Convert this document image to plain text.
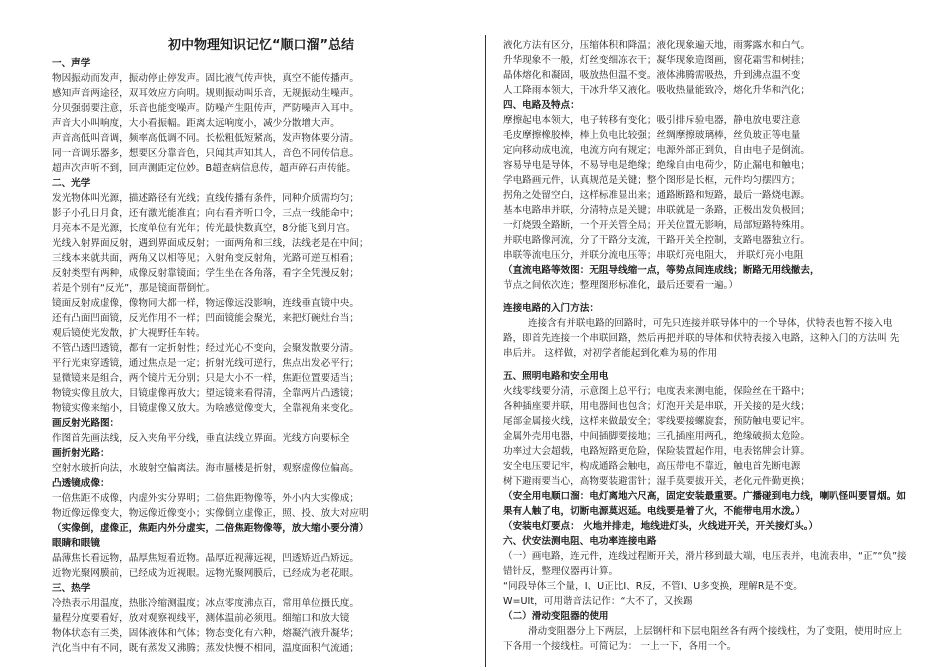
初中物理知识记忆“顺口溜”总结
一、声学
物因振动而发声，振动停止停发声。固比液气传声快，真空不能传播声。
感知声音两途径，双耳效应方向明。规则振动叫乐音，无规振动生噪声。
分贝强弱要注意，乐音也能变噪声。防噪产生阻传声，严防噪声入耳中。
声音大小叫响度，大小看振幅。距离太远响度小，减少分散增大声。
声音高低叫音调，频率高低调不同。长松粗低短紧高，发声物体要分清。
同一音调乐器多，想要区分靠音色，只闻其声知其人，音色不同传信息。
超声次声听不到，回声测距定位妙。B超查病信息传，超声碎石声传能。
二、光学
发光物体叫光源，描述路径有光线；直线传播有条件，同种介质需均匀；
影子小孔日月食，还有激光能准直；向右看齐听口令，三点一线能命中；
月亮本不是光源，长度单位有光年；传光最快数真空，8分能飞到月宫。
光线入射界面反射，遇到界面成反射；一面两角和三线，法线老是在中间；
三线本来就共面，两角又以相等见；入射角变反射角，光路可逆互相看；
反射类型有两种，成像反射靠镜面；学生坐在各角落，看字全凭漫反射；
若是个别有“反光”，那是镜面帮倒忙。
镜面反射成虚像，像物同大都一样，物远像远没影响，连线垂直镜中央。
还有凸面凹面镜，反光作用不一样；凹面镜能会聚光，来把灯碗灶台当；
观后镜使光发散，扩大视野任车转。
不管凸透凹透镜，都有一定折射性；经过光心不变向，会聚发散要分清。
平行光束穿透镜，通过焦点是一定；折射光线可逆行，焦点出发必平行；
显微镜来是组合，两个镜片无分别；只是大小不一样，焦距位置要适当；
物镜实像且放大，目镜虚像再放大；望远镜来看得清，全靠两片凸透镜；
物镜实像来缩小，目镜虚像又放大。为啥感觉像变大，全靠视角来变化。
画反射光路图：
作图首先画法线，反入夹角平分线，垂直法线立界面。光线方向要标全
画折射光路：
空射水玻折向法，水玻射空偏离法。海市蜃楼是折射，观察虚像位偏高。
凸透镜成像：
一倍焦距不成像，内虚外实分界明；二倍焦距物像等，外小内大实像成；
物近像远像变大，物远像近像变小；实像倒立虚像正，照、投、放大对应明
（实像倒，虚像正，焦距内外分虚实，二倍焦距物像等，放大缩小要分清）
眼睛和眼镜
晶薄焦长看远物，晶厚焦短看近物。晶厚近视薄远视，凹透矫近凸矫远。
近物光聚网膜前，已经成为近视眼。远物光聚网膜后，已经成为老花眼。
三、热学
冷热表示用温度，热胀冷缩测温度；冰点零度沸点百，常用单位摄氏度。
量程分度要看好，放对观察视线平，测体温前必须甩。细缩口和放大镜
物体状态有三类，固体液体和气体；物态变化有六种，熔凝汽液升凝华；
汽化当中有不同，既有蒸发又沸腾；蒸发快慢不相同，温度面积气流通；
液化方法有区分，压缩体积和降温；液化现象遍天地，雨雾露水和白气。
升华现象不一般，灯丝变细冻衣干；凝华现象造图画，窗花霜雪和树挂；
晶体熔化和凝固，吸放热但温不变。液体沸腾需吸热，升到沸点温不变
人工降雨本领大，干冰升华又液化。吸收热量能致冷，熔化升华和汽化；
四、电路及特点：
摩擦起电本领大，电子转移有变化；吸引排斥验电器，静电放电要注意
毛皮摩擦橡胶棒，棒上负电比较强；丝绸摩擦玻璃棒，丝负玻正等电量
定向移动成电流，电流方向有规定；电源外部正到负，自由电子是倒流。
容易导电是导体，不易导电是绝缘；绝缘自由电荷少，防止漏电和触电；
学电路画元件，认真规范是关键；整个图形是长框，元件均匀摆四方；
拐角之处留空白，这样标准显出来；通路断路和短路，最后一路烧电源。
基本电路串并联，分清特点是关键；串联就是一条路，正极出发负极回；
一灯烧毁全路断，一个开关管全局；开关位置无影响，局部短路特殊用。
并联电路像河流，分了干路分支流，干路开关全控制，支路电器独立行。
串联等流电压分，并联分流电压等；串联灯亮电阻大， 并联灯亮小电阻
（直流电路等效图：无阻导线缩一点，等势点间连成线；断路无用线撤去，
节点之间依次连；整理图形标准化，最后还要看一遍。）
连接电路的入门方法：
连接含有并联电路的回路时，可先只连接并联导体中的一个导体，伏特表也暂不接入电路，即首先连接一个串联回路，然后再把并联的导体和伏特表接入电路，这种入门的方法叫 先串后并。 这样做，对初学者能起到化难为易的作用
五、照明电路和安全用电
火线零线要分清，示意图上总平行；电度表来测电能，保险丝在干路中；
各种插座要并联，用电器间也包含；灯泡开关是串联，开关接的是火线；
尾部金属接火线，这样来做最安全；零线要接螺旋套，预防触电要记牢。
金属外壳用电器，中间插脚要接地；三孔插座用两孔，绝缘破损太危险。
功率过大会超载，电路短路更危险，保险装置起作用，电表铭牌会计算。
安全电压要记牢，构成通路会触电，高压带电不靠近，触电首先断电源
树下避雨要当心，高物要装避雷针；湿手莫要拔开关，老化元件勤更换；
（安全用电顺口溜：电灯离地六尺高，固定安装最重要。广播碰到电力线，喇叭怪叫要冒烟。如果有人触了电，切断电源莫迟延。电线要是着了火，不能带电用水泼。）
（安装电灯要点： 火地并排走，地线进灯头，火线进开关，开关接灯头。）
六、伏安法测电阻、电功率连接电路
（一）画电路，连元件，连线过程断开关，滑片移到最大端，电压表并，电流表串，“正”“负”接错针反，整理仪器再计算。
“同段导体三个量，I、U正比I、R反，不管I、U多变换，理解R是不变。
W=UIt，可用谐音法记作：“大不了，又挨踢
（二）滑动变阻器的使用
滑动变阻器分上下两层，上层钢杆和下层电阻丝各有两个接线柱，为了变阻，使用时应上下各用一个接线柱。可简记为： 一上一下，各用一个。
